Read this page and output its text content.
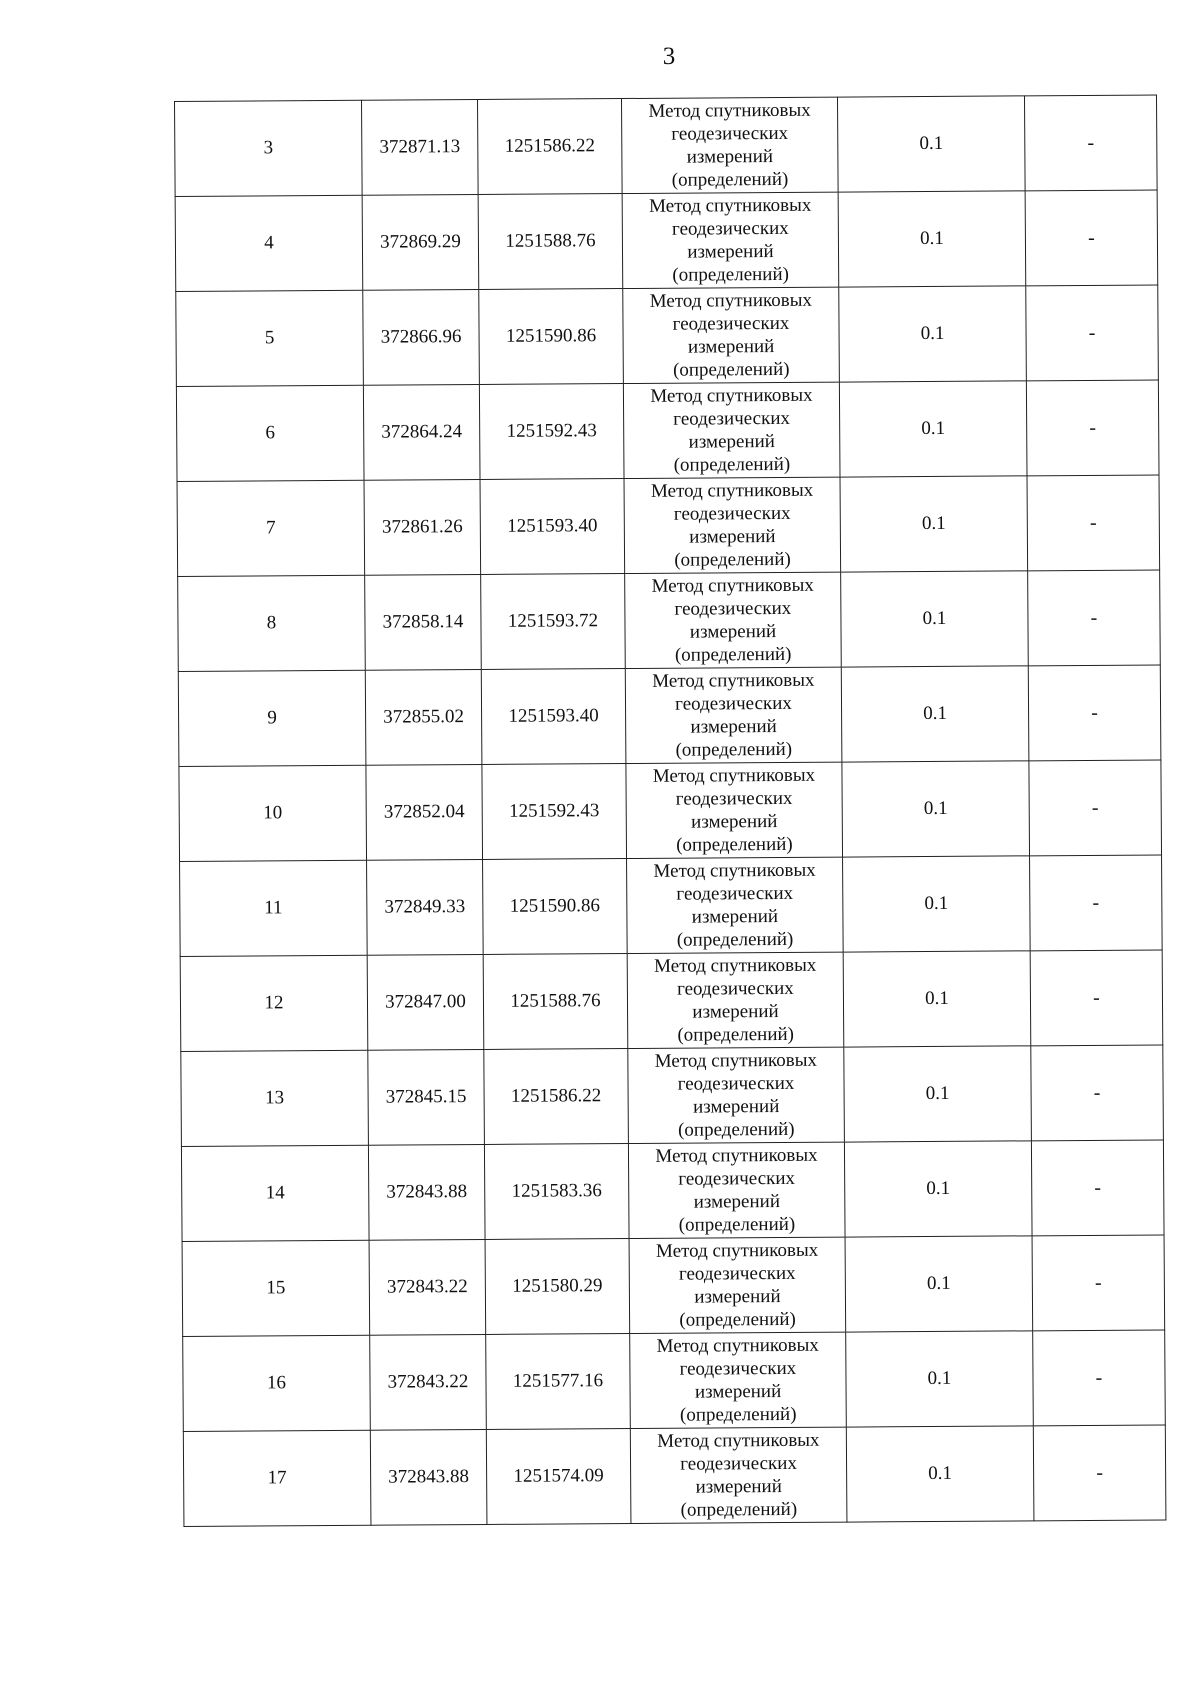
3
3	372871.13	1251586.22	Метод спутниковых
геодезических
измерений
(определений)	0.1	-
4	372869.29	1251588.76	Метод спутниковых
геодезических
измерений
(определений)	0.1	-
5	372866.96	1251590.86	Метод спутниковых
геодезических
измерений
(определений)	0.1	-
6	372864.24	1251592.43	Метод спутниковых
геодезических
измерений
(определений)	0.1	-
7	372861.26	1251593.40	Метод спутниковых
геодезических
измерений
(определений)	0.1	-
8	372858.14	1251593.72	Метод спутниковых
геодезических
измерений
(определений)	0.1	-
9	372855.02	1251593.40	Метод спутниковых
геодезических
измерений
(определений)	0.1	-
10	372852.04	1251592.43	Метод спутниковых
геодезических
измерений
(определений)	0.1	-
11	372849.33	1251590.86	Метод спутниковых
геодезических
измерений
(определений)	0.1	-
12	372847.00	1251588.76	Метод спутниковых
геодезических
измерений
(определений)	0.1	-
13	372845.15	1251586.22	Метод спутниковых
геодезических
измерений
(определений)	0.1	-
14	372843.88	1251583.36	Метод спутниковых
геодезических
измерений
(определений)	0.1	-
15	372843.22	1251580.29	Метод спутниковых
геодезических
измерений
(определений)	0.1	-
16	372843.22	1251577.16	Метод спутниковых
геодезических
измерений
(определений)	0.1	-
17	372843.88	1251574.09	Метод спутниковых
геодезических
измерений
(определений)	0.1	-
